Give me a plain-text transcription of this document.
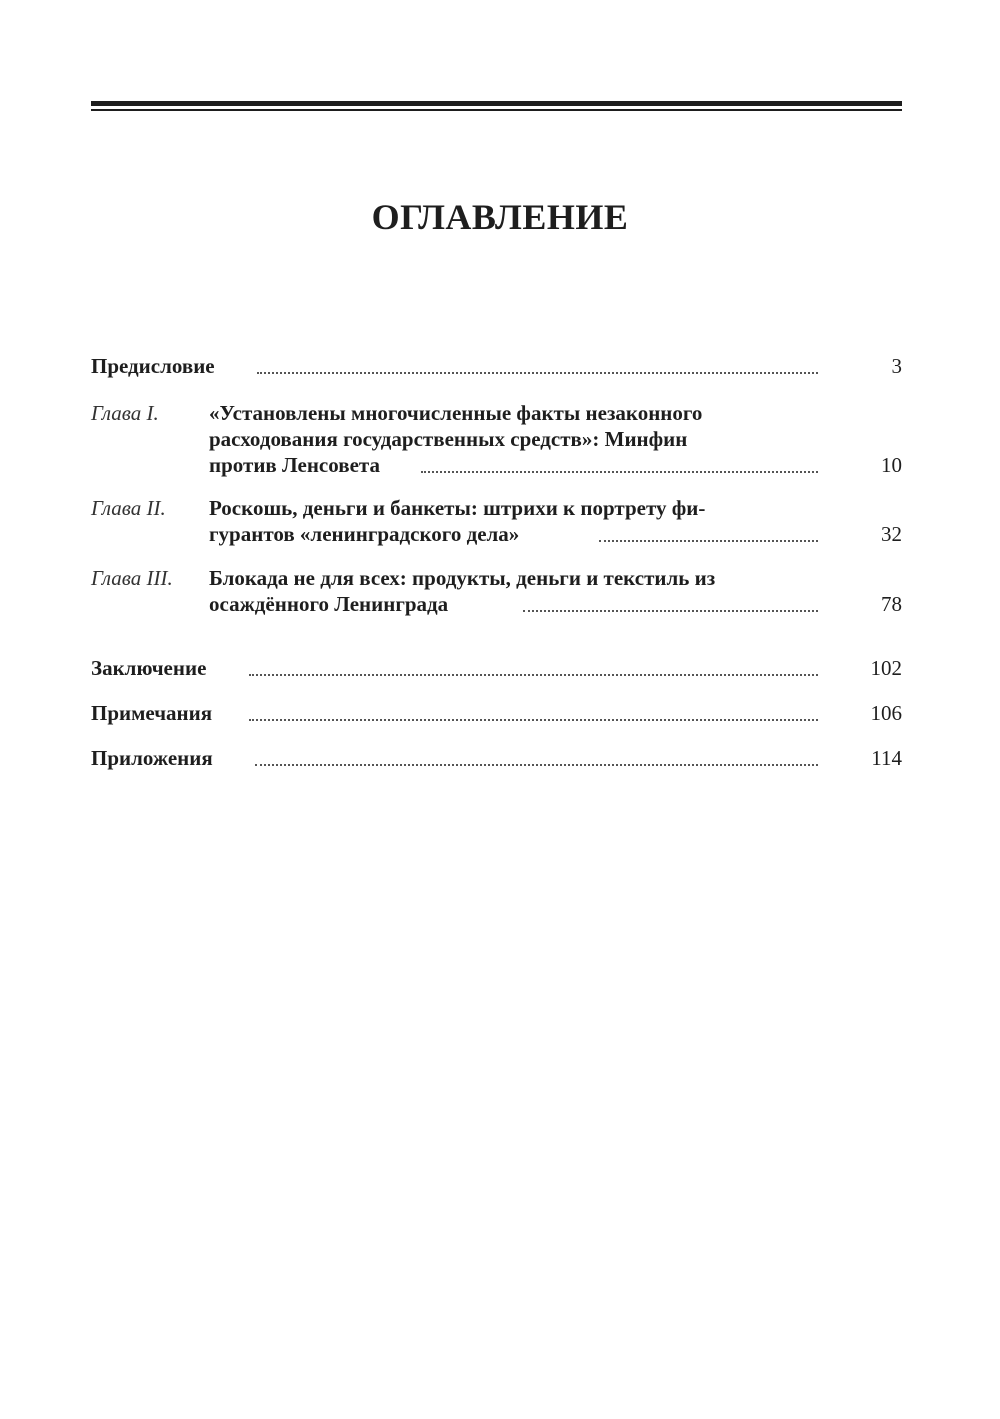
ОГЛАВЛЕНИЕ
Предисловие	3
Глава I. «Установлены многочисленные факты незаконного
расходования государственных средств»: Минфин
против Ленсовета	10
Глава II. Роскошь, деньги и банкеты: штрихи к портрету фи-
гурантов «ленинградского дела»	32
Глава III. Блокада не для всех: продукты, деньги и текстиль из
осаждённого Ленинграда	78
Заключение	102
Примечания	106
Приложения	114
